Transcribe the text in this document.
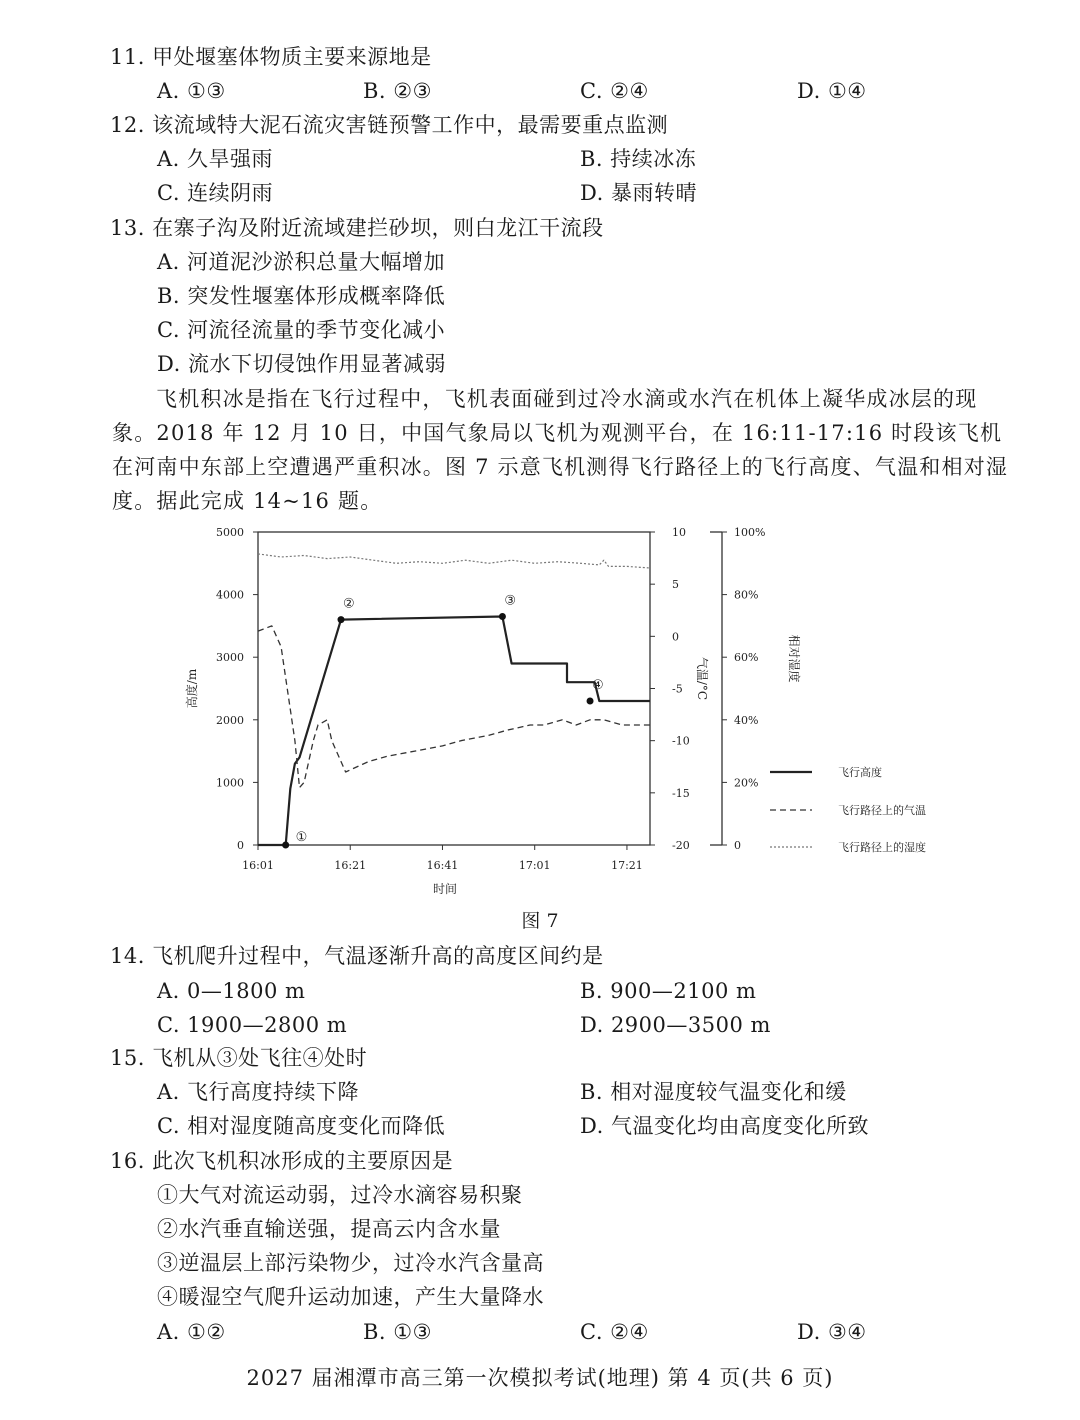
11. 甲处堰塞体物质主要来源地是
A. ①③	B. ②③	C. ②④	D. ①④
12. 该流域特大泥石流灾害链预警工作中，最需要重点监测
A. 久旱强雨	B. 持续冰冻
C. 连续阴雨	D. 暴雨转晴
13. 在寨子沟及附近流域建拦砂坝，则白龙江干流段
A. 河道泥沙淤积总量大幅增加
B. 突发性堰塞体形成概率降低
C. 河流径流量的季节变化减小
D. 流水下切侵蚀作用显著减弱
飞机积冰是指在飞行过程中，飞机表面碰到过冷水滴或水汽在机体上凝华成冰层的现象。2018 年 12 月 10 日，中国气象局以飞机为观测平台，在 16:11-17:16 时段该飞机在河南中东部上空遭遇严重积冰。图 7 示意飞机测得飞行路径上的飞行高度、气温和相对湿度。据此完成 14~16 题。
5000
4000
3000
2000
1000
0
高度/m
10
5
0
-5
-10
-15
-20
气温/°C
100%
80%
60%
40%
20%
0
相对湿度
16:01	16:21	16:41	17:01	17:21
时间
①
②	③
④
飞行高度
飞行路径上的气温
飞行路径上的湿度
图 7
14. 飞机爬升过程中，气温逐渐升高的高度区间约是
A. 0—1800 m	B. 900—2100 m
C. 1900—2800 m	D. 2900—3500 m
15. 飞机从③处飞往④处时
A. 飞行高度持续下降	B. 相对湿度较气温变化和缓
C. 相对湿度随高度变化而降低	D. 气温变化均由高度变化所致
16. 此次飞机积冰形成的主要原因是
①大气对流运动弱，过冷水滴容易积聚
②水汽垂直输送强，提高云内含水量
③逆温层上部污染物少，过冷水汽含量高
④暖湿空气爬升运动加速，产生大量降水
A. ①②	B. ①③	C. ②④	D. ③④
2027 届湘潭市高三第一次模拟考试(地理) 第 4 页(共 6 页)
